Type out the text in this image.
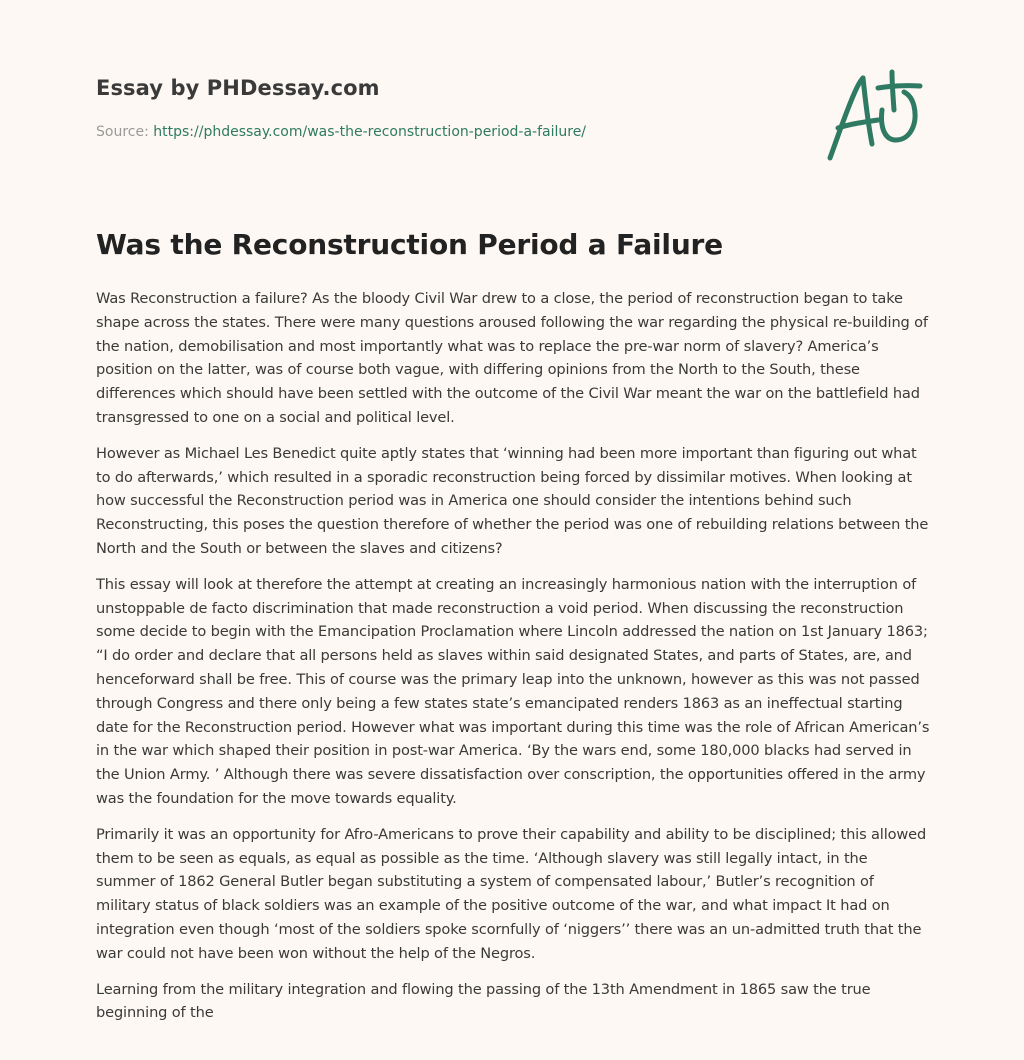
Essay by PHDessay.com
Source: https://phdessay.com/was-the-reconstruction-period-a-failure/
Was the Reconstruction Period a Failure

Was Reconstruction a failure? As the bloody Civil War drew to a close, the period of reconstruction began to take shape across the states. There were many questions aroused following the war regarding the physical re-building of the nation, demobilisation and most importantly what was to replace the pre-war norm of slavery? America’s position on the latter, was of course both vague, with differing opinions from the North to the South, these differences which should have been settled with the outcome of the Civil War meant the war on the battlefield had transgressed to one on a social and political level.

However as Michael Les Benedict quite aptly states that ‘winning had been more important than figuring out what to do afterwards,’ which resulted in a sporadic reconstruction being forced by dissimilar motives. When looking at how successful the Reconstruction period was in America one should consider the intentions behind such Reconstructing, this poses the question therefore of whether the period was one of rebuilding relations between the North and the South or between the slaves and citizens?

This essay will look at therefore the attempt at creating an increasingly harmonious nation with the interruption of unstoppable de facto discrimination that made reconstruction a void period. When discussing the reconstruction some decide to begin with the Emancipation Proclamation where Lincoln addressed the nation on 1st January 1863; “I do order and declare that all persons held as slaves within said designated States, and parts of States, are, and henceforward shall be free. This of course was the primary leap into the unknown, however as this was not passed through Congress and there only being a few states state’s emancipated renders 1863 as an ineffectual starting date for the Reconstruction period. However what was important during this time was the role of African American’s in the war which shaped their position in post-war America. ‘By the wars end, some 180,000 blacks had served in the Union Army. ’ Although there was severe dissatisfaction over conscription, the opportunities offered in the army was the foundation for the move towards equality.

Primarily it was an opportunity for Afro-Americans to prove their capability and ability to be disciplined; this allowed them to be seen as equals, as equal as possible as the time. ‘Although slavery was still legally intact, in the summer of 1862 General Butler began substituting a system of compensated labour,’ Butler’s recognition of military status of black soldiers was an example of the positive outcome of the war, and what impact It had on integration even though ‘most of the soldiers spoke scornfully of ‘niggers’’ there was an un-admitted truth that the war could not have been won without the help of the Negros.

Learning from the military integration and flowing the passing of the 13th Amendment in 1865 saw the true beginning of the
